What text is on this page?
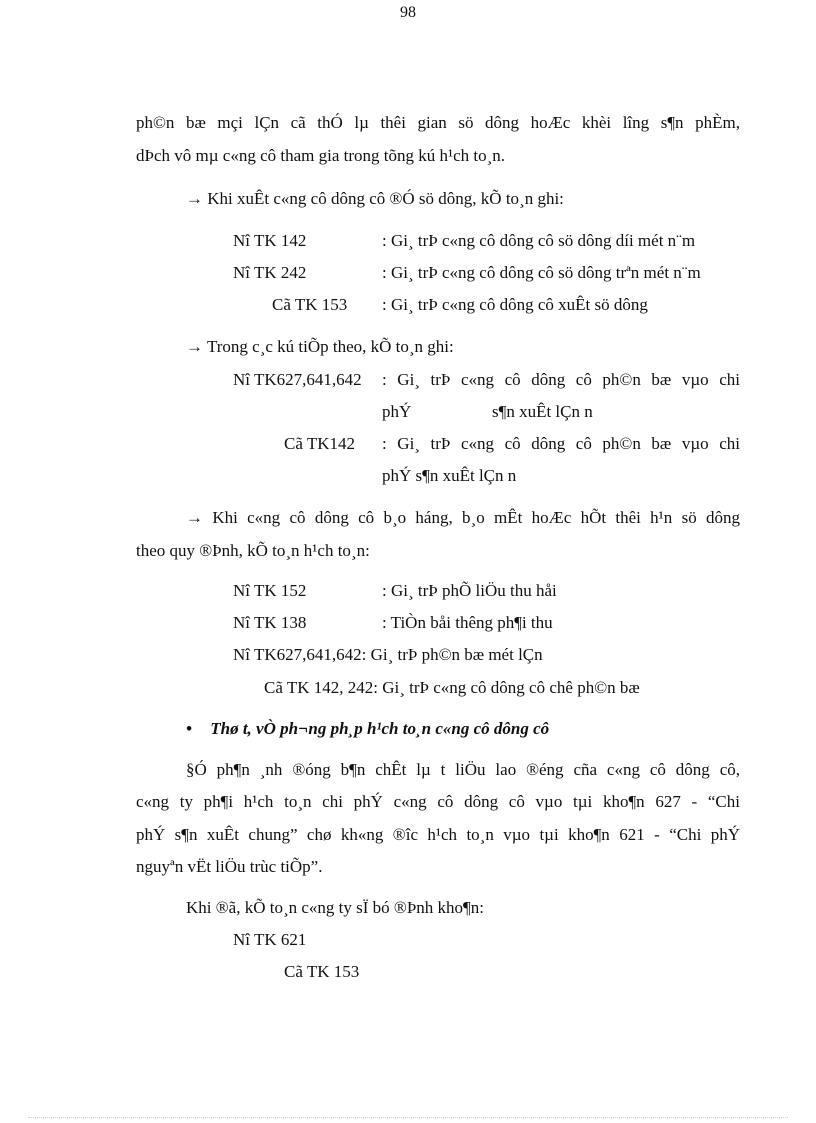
98
ph©n bæ mçi lÇn cã thÓ lµ thêi gian sö dông hoÆc khèi lîng s¶n phÈm,
dÞch vô mµ c«ng cô tham gia trong tõng kú h¹ch to¸n.
→ Khi xuÊt c«ng cô dông cô ®Ó sö dông, kÕ to¸n ghi:
Nî TK 142	: Gi¸ trÞ c«ng cô dông cô sö dông díi mét n¨m
Nî TK 242	: Gi¸ trÞ c«ng cô dông cô sö dông trªn mét n¨m
Cã TK 153 : Gi¸ trÞ c«ng cô dông cô xuÊt sö dông
→ Trong c¸c kú tiÕp theo, kÕ to¸n ghi:
Nî TK627,641,642 : Gi¸ trÞ c«ng cô dông cô ph©n bæ vµo chi
phÝ	s¶n xuÊt lÇn n
Cã TK142 : Gi¸ trÞ c«ng cô dông cô ph©n bæ vµo chi
phÝ s¶n xuÊt lÇn n
→ Khi c«ng cô dông cô b¸o háng, b¸o mÊt hoÆc hÕt thêi h¹n sö dông
theo quy ®Þnh, kÕ to¸n h¹ch to¸n:
Nî TK 152	: Gi¸ trÞ phÕ liÖu thu håi
Nî TK 138	: TiÒn båi thêng ph¶i thu
Nî TK627,641,642: Gi¸ trÞ ph©n bæ mét lÇn
Cã TK 142, 242: Gi¸ trÞ c«ng cô dông cô chê ph©n bæ
• Thø t, vÒ ph¬ng ph¸p h¹ch to¸n c«ng cô dông cô
§Ó ph¶n ¸nh ®óng b¶n chÊt lµ t liÖu lao ®éng cña c«ng cô dông cô,
c«ng ty ph¶i h¹ch to¸n chi phÝ c«ng cô dông cô vµo tµi kho¶n 627 - “Chi
phÝ s¶n xuÊt chung” chø kh«ng ®îc h¹ch to¸n vµo tµi kho¶n 621 - “Chi phÝ
nguyªn vËt liÖu trùc tiÕp”.
Khi ®ã, kÕ to¸n c«ng ty sÏ bó ®Þnh kho¶n:
Nî TK 621
Cã TK 153
